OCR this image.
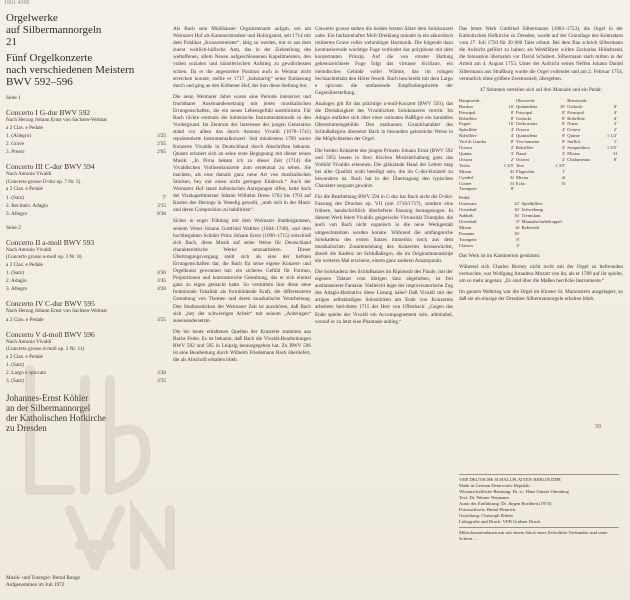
1661 4100
Orgelwerke
auf Silbermannorgeln
21
Fünf Orgelkonzerte
nach verschiedenen Meistern
BWV 592–596
Seite 1
Concerto I G-dur BWV 592
Nach Herzog Johann Ernst von Sachsen-Weimar
a 2 Clav. e Pedale
1. (Allegro)	3'25
2. Grave	2'35
3. Presto	2'05
Concerto III C-dur BWV 594
Nach Antonio Vivaldi
(Concerto grosso D-dur op. 7 Nr. 5)
a 2 Clav. e Pedale
1. (Satz)	7'
2. Recitativ. Adagio	3'15
3. Allegro	8'30
Seite 2
Concerto II a-moll BWV 593
Nach Antonio Vivaldi
(Concerto grosso a-moll op. 3 Nr. 8)
a 2 Clav. e Pedale
1. (Satz)	4'30
2. Adagio	3'45
3. Allegro	4'20
Concerto IV C-dur BWV 595
Nach Herzog Johann Ernst von Sachsen-Weimar
a 2 Clav. e Pedale	3'55
Concerto V d-moll BWV 596
Nach Antonio Vivaldi
(Concerto grosso d-moll op. 3 Nr. 11)
a 2 Clav. e Pedale
1. (Satz)
2. Largo e spiccato	3'20
3. (Satz)	3'35
Johannes-Ernst Köhler
an der Silbermannorgel
der Katholischen Hofkirche
zu Dresden
Musik- und Tonregie: Bernd Runge
Aufgenommen im Juli 1972

Als Bach sein Mühlhäuser Organistenamt aufgab, um am Weimarer Hof als Kammermusiker und Hoforganist, seit 1714 mit dem Prädikat „Konzertmeister“, tätig zu werden, trat er aus dem zuerst weltlich-höfische Amt, das in der Zielstellung des weltoffenen, allem Neuen aufgeschlossenen Kapellmeisters, den vollen sozialen und künstlerischen Aufstieg zu gewährleisten schien. Da er die angestrebte Position auch in Weimar nicht erreichen konnte, stellte er 1717 „halsstarrig“ seine Entlassung durch und ging an den Köthener Hof, der ihm diese Stellung bot.

Die neun Weimarer Jahre waren eine Periode intensiver und fruchtbarer Auseinandersetzung mit jenen musikalischen Errungenschaften, die ein neues Lebensgefühl ausdrückten. Für Bach rückte erstmals die italienische Instrumentalmusik in den Vordergrund. Im Zentrum des Interesses der jungen Generation stand vor allem das durch Antonio Vivaldi (1678–1741) repräsentierte Instrumentalkonzert. Seit mindestens 1709 waren Konzerte Vivaldis in Deutschland durch Abschriften bekannt. Quantz erinnert sich an seine erste Begegnung mit dieser neuen Musik: „In Pirna bekam ich zu dieser Zeit (1714) die Vivaldischen Violinenkonzerte zum erstenmal zu sehen. Sie machten, als eine damals ganz neue Art von musikalischen Stücken, bey mir einen nicht geringen Eindruck.“ Auch der Weimarer Hof stand italienischen Anregungen offen, hatte doch der Vizekapellmeister Johann Wilhelm Drese 1702 bis 1703 auf Kosten des Herzogs in Venedig geweilt, „umb sich in der Music und deren Composition zu habilitiren“.

Sicher in enger Fühlung mit dem Weimarer Stadtorganisten, seinem Vetter Johann Gottfried Walther (1684–1748), und dem hochbegabten Schüler Prinz Johann Ernst (1696–1715) entschloß sich Bach, diese Musik auf seine Weise für Deutschland charakteristische Werke umzuarbeiten. Dieser Übertragungsvorgang stellt sich als eine der tiefsten Errungenschaften dar, die Bach für seine eigene Konzert- und Orgelkunst gewonnen hat: ein sicheres Gefühl für Formen, Proportionen und kontrastreiche Gestaltung, das er sich einmal ganz zu eigen gemacht hatte. So vermitteln ihm diese neue funktionale Tonalität als formbildende Kraft, die differenzierte Gestaltung von Themen und deren musikalische Verarbeitung. Den Studienstücken der Weimarer Zeit ist anzuhören, daß Bach sich „bey der schwierigen Arbeit“ mit seinem „Anbringen“ auseinandersetzte.

Die bis heute erhaltenen Quellen der Konzerte stammen aus Bachs Feder. Es ist bekannt, daß Bach die Vivaldi-Bearbeitungen BWV 592 und 595 in Leipzig herausgegeben hat. Zu BWV 596 ist eine Bearbeitung durch Wilhelm Friedemann Bach überliefert, die als Abschrift erhalten blieb.

Concerto grosso stehen die beiden letzten Sätze dem Solokonzert nahe. Ein fanfarenhafter Moll-Dreiklang mündet in ein akkordisch imitiertes Grave voller wehmütiger Harmonik. Die folgende dazu kontrastierende wuchtige Fuge verbindet das polyphone mit dem konzertanten Prinzip. Auf die von ernster Haltung gekennzeichnete Fuge folgt das virtuose Siciliano, ein melodisches Gebilde voller Wärme, das im ruhigen Sechsachteltakt den Hörer fesselt. Bach beschreibt mit dem Largo e spiccato die umfassende Empfindungsbreite der Gegenüberstellung.

Analoges gilt für das prächtige a-moll-Konzert (BWV 593), das die Dreisätzigkeit des Vivaldischen Solokonzerts vertritt. Im Adagio entfaltet sich über einer ostinaten Baßfigur ein kantables Oberstimmengebilde. Den markanten Grundcharakter des Schlußallegros übersetzt Bach in besonders geistreiche Weise in die Möglichkeiten der Orgel.

Die beiden Konzerte des jungen Prinzen Johann Ernst (BWV 592 und 595) lassen in ihrer frischen Musizierhaltung ganz das Vorbild Vivaldis erkennen. Die glänzende Hand der Lehrer mag bei aller Qualität wohl beteiligt sein, die im C-dur-Konzert zu bewundern ist. Bach hat in der Übertragung den typischen Charakter sorgsam gewahrt.

Für die Bearbeitung BWV 594 in C-dur hat Bach nicht die D-dur-Fassung des Druckes op. VII (um 1716/1717), sondern eine frühere, handschriftlich überlieferte Fassung herangezogen. In diesem Werk feiert Vivaldis geigerische Virtuosität Triumphe, die auch von Bach nicht organisch in die neue Werkgestalt umgeschmolzen werden konnte. Während die umfangreiche Solokadenz des ersten Satzes immerhin noch aus dem musikalischen Zusammenhang des Konzertes herauswächst, ähnelt die Kadenz im Schlußallegro, die im Originalmanuskript ein weiteres Mal erscheint, einem ganz anderen Ansatzpunkt.

Die Solokadenz des Schlußsatzes im Ripienstil des Finale, mit der eigenen Taktart vom übrigen Satz abgehoben, ist frei ausfantasierte Fantasie. Vielleicht legte der improvisatorische Zug des Adagio-Rezitativs diese Lösung nahe? Daß Vivaldi mit der artigen selbständigen Solostücken am Ende von Konzerten arbeitete, berichtete 1715 der Herr von Uffenbach: „Gegen das Ende spielte der Vivaldi ein Accompagnement solo, admirabel, worauf er zu letzt eine Phantasie anhing.“

Das letzte Werk Gottfried Silbermanns (1683–1753), die Orgel in der Katholischen Hofkirche zu Dresden, wurde auf der Grundlage des Kontraktes vom 27. Juli 1750 für 20 000 Taler erbaut. Bei dem Bau schrieb Silbermann die Aufsicht geführt zu haben; als Werkführer wirkte Zacharias Hildebrand, die Intonation übernahm vor David Schubert. Silbermann starb mitten in der Arbeit am 4. August 1753. Unter der Aufsicht seines Neffen Johann Daniel Silbermann aus Straßburg wurde die Orgel vollendet und am 2. Februar 1754, vermutlich ohne größere Zeremoniell, übergeben.

47 Stimmen verteilen sich auf drei Manuale und ein Pedal:

Hauptwerk:		Oberwerk:		Brustwerk:	
Bordun	16'	Quintadena	16'	Gedackt	8'
Principal	8'	Principal	8'	Principal	4'
Rohrflöte	8'	Gedackt	8'	Rohrflöte	4'
Fagott	16'	Unda maris	8'	Nasat	3'
Spitzflöte	4'	Octava	4'	Octava	2'
Rohrflöte	4'	Quintadena	8'	Quinte	1 1/2'
Viol di Gamba	8'	Vox humana	8'	Sufflöt	1'
Octava	2'	Rohrflöte	4'	Sesquialtera	1 3/5'
Quinta	3'	Nasat	3'	Mixtur	3f
Octava	2'	Octava	2'	Chalumeaux	8'
Tertia	1 3/5'	Terz	1 3/5'		
Mixtur	4f	Flageolett	1'		
Cymbel	3f	Mixtur	4f		
Cornet	5f	Echo	5f		
Trompete	8'				
Pedal:		
Untersatz	32'	Spielhilfen:
Octavbaß	16'	Schwebung
Subbaß	16'	Tremulant
Octavbaß	8'	Manualschiebekoppel
Mixtur	6f	Baßventil
Posaune	16'	
Trompete	8'	
Clairon	4'	

Das Werk ist im Kammerton gestimmt.

Während sich Charles Burney nicht recht mit der Orgel zu befreunden vermochte, war Wolfgang Amadeus Mozart von ihr, als er 1789 auf ihr spielte, um so mehr angetan: „Es sind über die Maßen herrliche Instrumente.“

Im ganzen Welkrieg war die Orgel im Kloster St. Marienstern ausgelagert, so daß sie als einzige der Dresdner Silbermannorgeln erhalten blieb.

58
VEB DEUTSCHE SCHALLPLATTEN BERLIN DDR
Made in German Democratic Republic
Wissenschaftliche Beratung: Dr. sc. Hans-Günter Ottenberg
Text: Dr. Werner Neumann
Autor der Einführung: Dr. Jürgen Buchheit (1973)
Fotonachweis: Bernd Heinrich
Gestaltung: Christoph Ehbets
Lithografie und Druck: VEB Gothaer Druck
Mikrofonaufnahmen mit seit einem Stück eines Zeitschlitz-Tonbandes sind unter Schirm …
